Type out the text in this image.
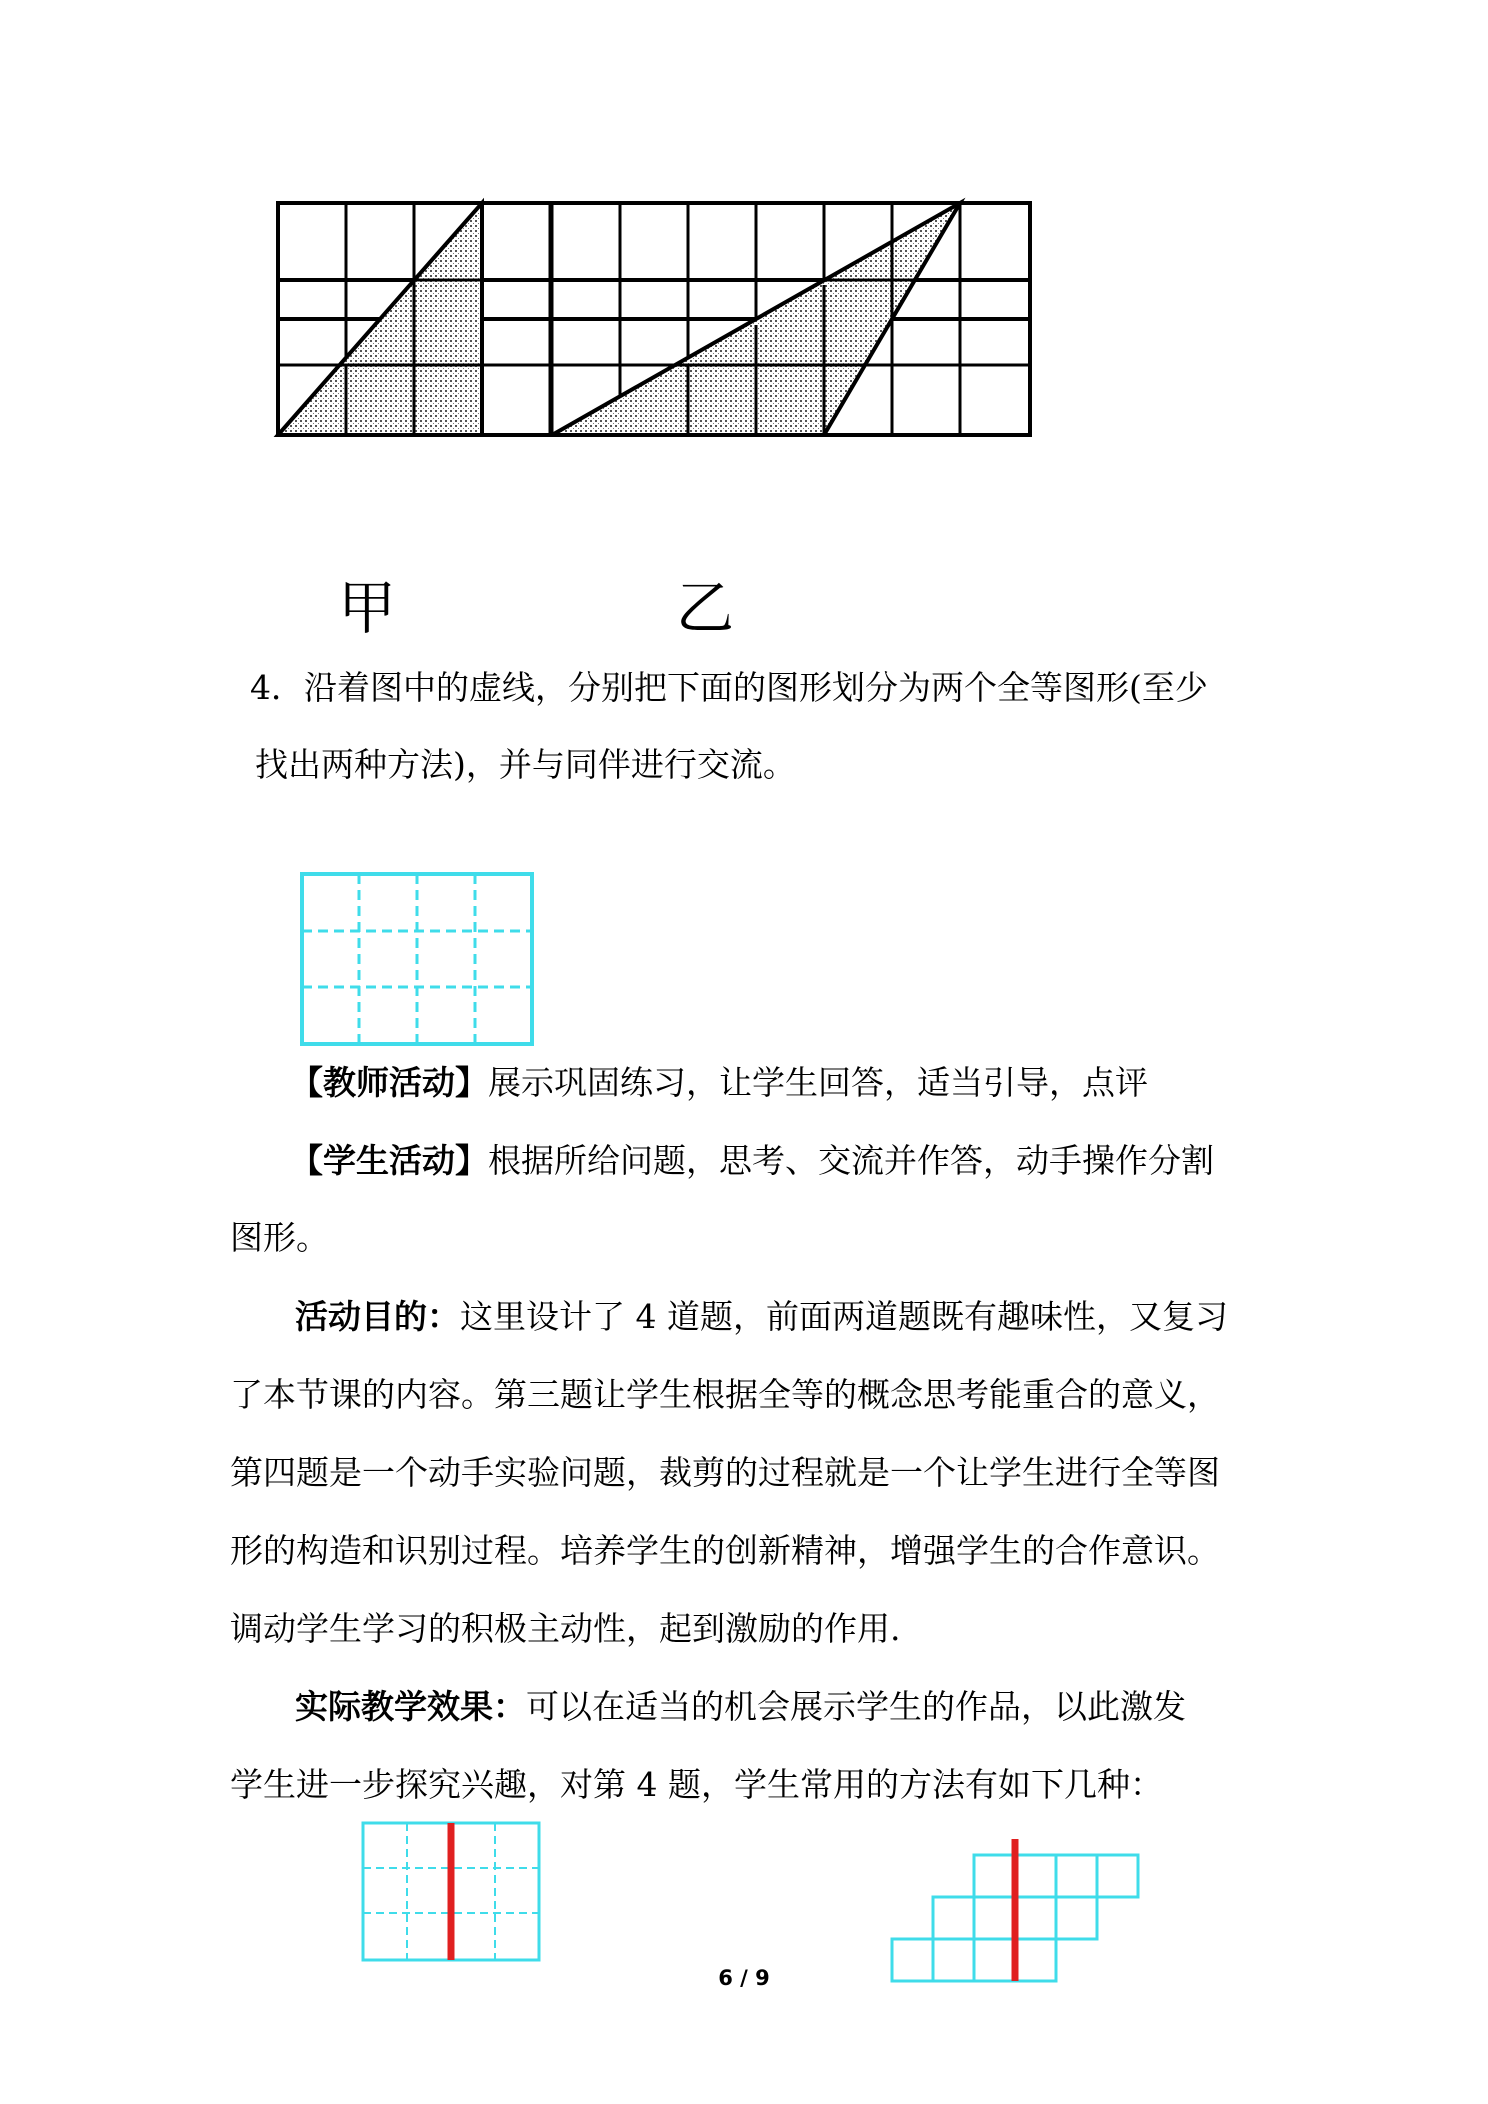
甲	乙
4．沿着图中的虚线，分别把下面的图形划分为两个全等图形(至少
找出两种方法)，并与同伴进行交流。
【教师活动】展示巩固练习，让学生回答，适当引导，点评
【学生活动】根据所给问题，思考、交流并作答，动手操作分割
图形。
活动目的：这里设计了 4 道题，前面两道题既有趣味性，又复习
了本节课的内容。第三题让学生根据全等的概念思考能重合的意义，
第四题是一个动手实验问题，裁剪的过程就是一个让学生进行全等图
形的构造和识别过程。培养学生的创新精神，增强学生的合作意识。
调动学生学习的积极主动性，起到激励的作用.
实际教学效果：可以在适当的机会展示学生的作品，以此激发
学生进一步探究兴趣，对第 4 题，学生常用的方法有如下几种：
6 / 9
